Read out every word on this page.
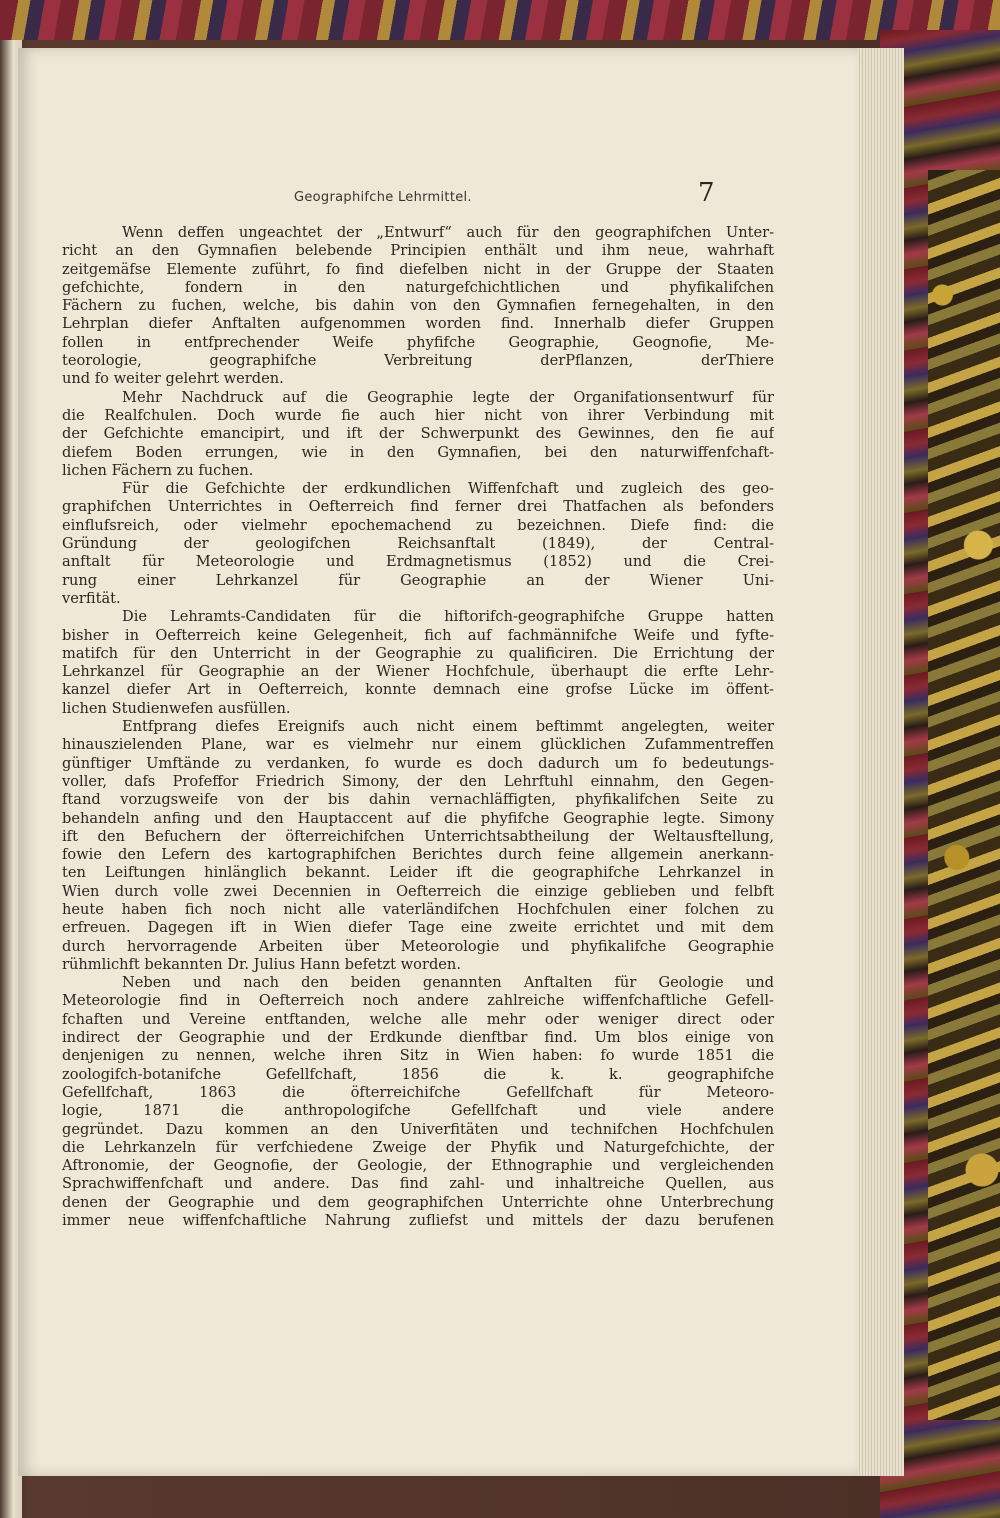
Geographifche Lehrmittel.	7
Wenn deffen ungeachtet der „Entwurf“ auch für den geographifchen Unter-
richt an den Gymnafien belebende Principien enthält und ihm neue, wahrhaft
zeitgemäfse Elemente zuführt, fo find diefelben nicht in der Gruppe der Staaten
gefchichte, fondern in den naturgefchichtlichen und phyfikalifchen
Fächern zu fuchen, welche, bis dahin von den Gymnafien fernegehalten, in den
Lehrplan diefer Anftalten aufgenommen worden find. Innerhalb diefer Gruppen
follen in entfprechender Weife phyfifche Geographie, Geognofie, Me-
teorologie, geographifche Verbreitung derPflanzen, derThiere
und fo weiter gelehrt werden.
Mehr Nachdruck auf die Geographie legte der Organifationsentwurf für
die Realfchulen. Doch wurde fie auch hier nicht von ihrer Verbindung mit
der Gefchichte emancipirt, und ift der Schwerpunkt des Gewinnes, den fie auf
diefem Boden errungen, wie in den Gymnafien, bei den naturwiffenfchaft-
lichen Fächern zu fuchen.
Für die Gefchichte der erdkundlichen Wiffenfchaft und zugleich des geo-
graphifchen Unterrichtes in Oefterreich find ferner drei Thatfachen als befonders
einflufsreich, oder vielmehr epochemachend zu bezeichnen. Diefe find: die
Gründung der geologifchen Reichsanftalt (1849), der Central-
anftalt für Meteorologie und Erdmagnetismus (1852) und die Crei-
rung einer Lehrkanzel für Geographie an der Wiener Uni-
verfität.
Die Lehramts-Candidaten für die hiftorifch-geographifche Gruppe hatten
bisher in Oefterreich keine Gelegenheit, fich auf fachmännifche Weife und fyfte-
matifch für den Unterricht in der Geographie zu qualificiren. Die Errichtung der
Lehrkanzel für Geographie an der Wiener Hochfchule, überhaupt die erfte Lehr-
kanzel diefer Art in Oefterreich, konnte demnach eine grofse Lücke im öffent-
lichen Studienwefen ausfüllen.
Entfprang diefes Ereignifs auch nicht einem beftimmt angelegten, weiter
hinauszielenden Plane, war es vielmehr nur einem glücklichen Zufammentreffen
günftiger Umftände zu verdanken, fo wurde es doch dadurch um fo bedeutungs-
voller, dafs Profeffor Friedrich Simony, der den Lehrftuhl einnahm, den Gegen-
ftand vorzugsweife von der bis dahin vernachläffigten, phyfikalifchen Seite zu
behandeln anfing und den Hauptaccent auf die phyfifche Geographie legte. Simony
ift den Befuchern der öfterreichifchen Unterrichtsabtheilung der Weltausftellung,
fowie den Lefern des kartographifchen Berichtes durch feine allgemein anerkann-
ten Leiftungen hinlänglich bekannt. Leider ift die geographifche Lehrkanzel in
Wien durch volle zwei Decennien in Oefterreich die einzige geblieben und felbft
heute haben fich noch nicht alle vaterländifchen Hochfchulen einer folchen zu
erfreuen. Dagegen ift in Wien diefer Tage eine zweite errichtet und mit dem
durch hervorragende Arbeiten über Meteorologie und phyfikalifche Geographie
rühmlichft bekannten Dr. Julius Hann befetzt worden.
Neben und nach den beiden genannten Anftalten für Geologie und
Meteorologie find in Oefterreich noch andere zahlreiche wiffenfchaftliche Gefell-
fchaften und Vereine entftanden, welche alle mehr oder weniger direct oder
indirect der Geographie und der Erdkunde dienftbar find. Um blos einige von
denjenigen zu nennen, welche ihren Sitz in Wien haben: fo wurde 1851 die
zoologifch-botanifche Gefellfchaft, 1856 die k. k. geographifche
Gefellfchaft, 1863 die öfterreichifche Gefellfchaft für Meteoro-
logie, 1871 die anthropologifche Gefellfchaft und viele andere
gegründet. Dazu kommen an den Univerfitäten und technifchen Hochfchulen
die Lehrkanzeln für verfchiedene Zweige der Phyfik und Naturgefchichte, der
Aftronomie, der Geognofie, der Geologie, der Ethnographie und vergleichenden
Sprachwiffenfchaft und andere. Das find zahl- und inhaltreiche Quellen, aus
denen der Geographie und dem geographifchen Unterrichte ohne Unterbrechung
immer neue wiffenfchaftliche Nahrung zufliefst und mittels der dazu berufenen
